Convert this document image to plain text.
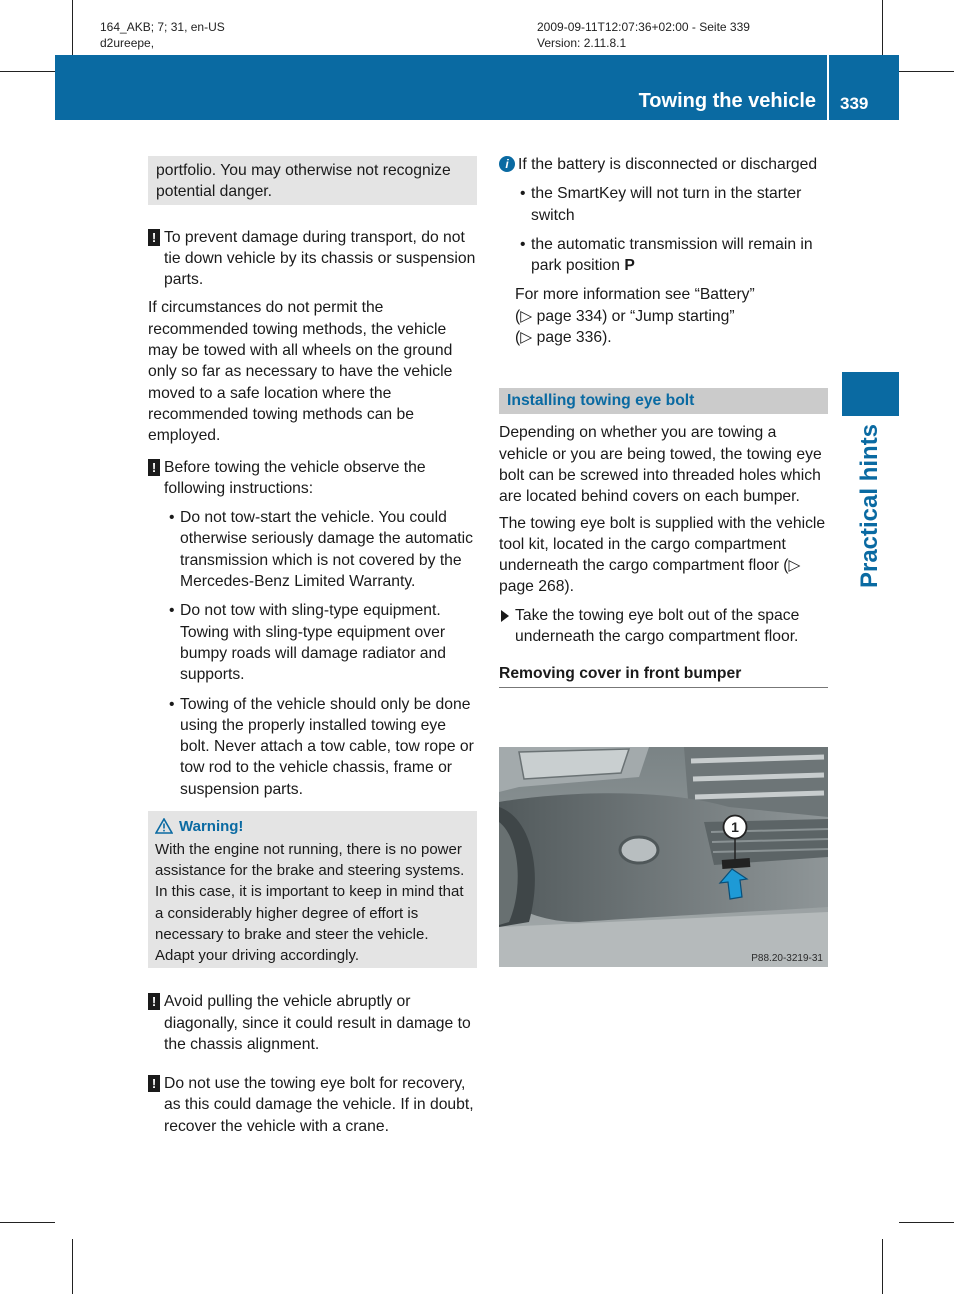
164_AKB; 7; 31, en-US
d2ureepe,
2009-09-11T12:07:36+02:00 - Seite 339
Version: 2.11.8.1
Towing the vehicle 339
Practical hints

portfolio. You may otherwise not recognize potential danger.

! To prevent damage during transport, do not tie down vehicle by its chassis or suspension parts.

If circumstances do not permit the recommended towing methods, the vehicle may be towed with all wheels on the ground only so far as necessary to have the vehicle moved to a safe location where the recommended towing methods can be employed.

! Before towing the vehicle observe the following instructions:

• Do not tow-start the vehicle. You could otherwise seriously damage the automatic transmission which is not covered by the Mercedes-Benz Limited Warranty.

• Do not tow with sling-type equipment. Towing with sling-type equipment over bumpy roads will damage radiator and supports.

• Towing of the vehicle should only be done using the properly installed towing eye bolt. Never attach a tow cable, tow rope or tow rod to the vehicle chassis, frame or suspension parts.

Warning!

With the engine not running, there is no power assistance for the brake and steering systems. In this case, it is important to keep in mind that a considerably higher degree of effort is necessary to brake and steer the vehicle. Adapt your driving accordingly.

! Avoid pulling the vehicle abruptly or diagonally, since it could result in damage to the chassis alignment.

! Do not use the towing eye bolt for recovery, as this could damage the vehicle. If in doubt, recover the vehicle with a crane.

i If the battery is disconnected or discharged

• the SmartKey will not turn in the starter switch

• the automatic transmission will remain in park position P

For more information see “Battery”

(▷ page 334) or “Jump starting”

(▷ page 336).

Installing towing eye bolt

Depending on whether you are towing a vehicle or you are being towed, the towing eye bolt can be screwed into threaded holes which are located behind covers on each bumper.

The towing eye bolt is supplied with the vehicle tool kit, located in the cargo compartment underneath the cargo compartment floor (▷ page 268).

Take the towing eye bolt out of the space underneath the cargo compartment floor.

Removing cover in front bumper
1
P88.20-3219-31
